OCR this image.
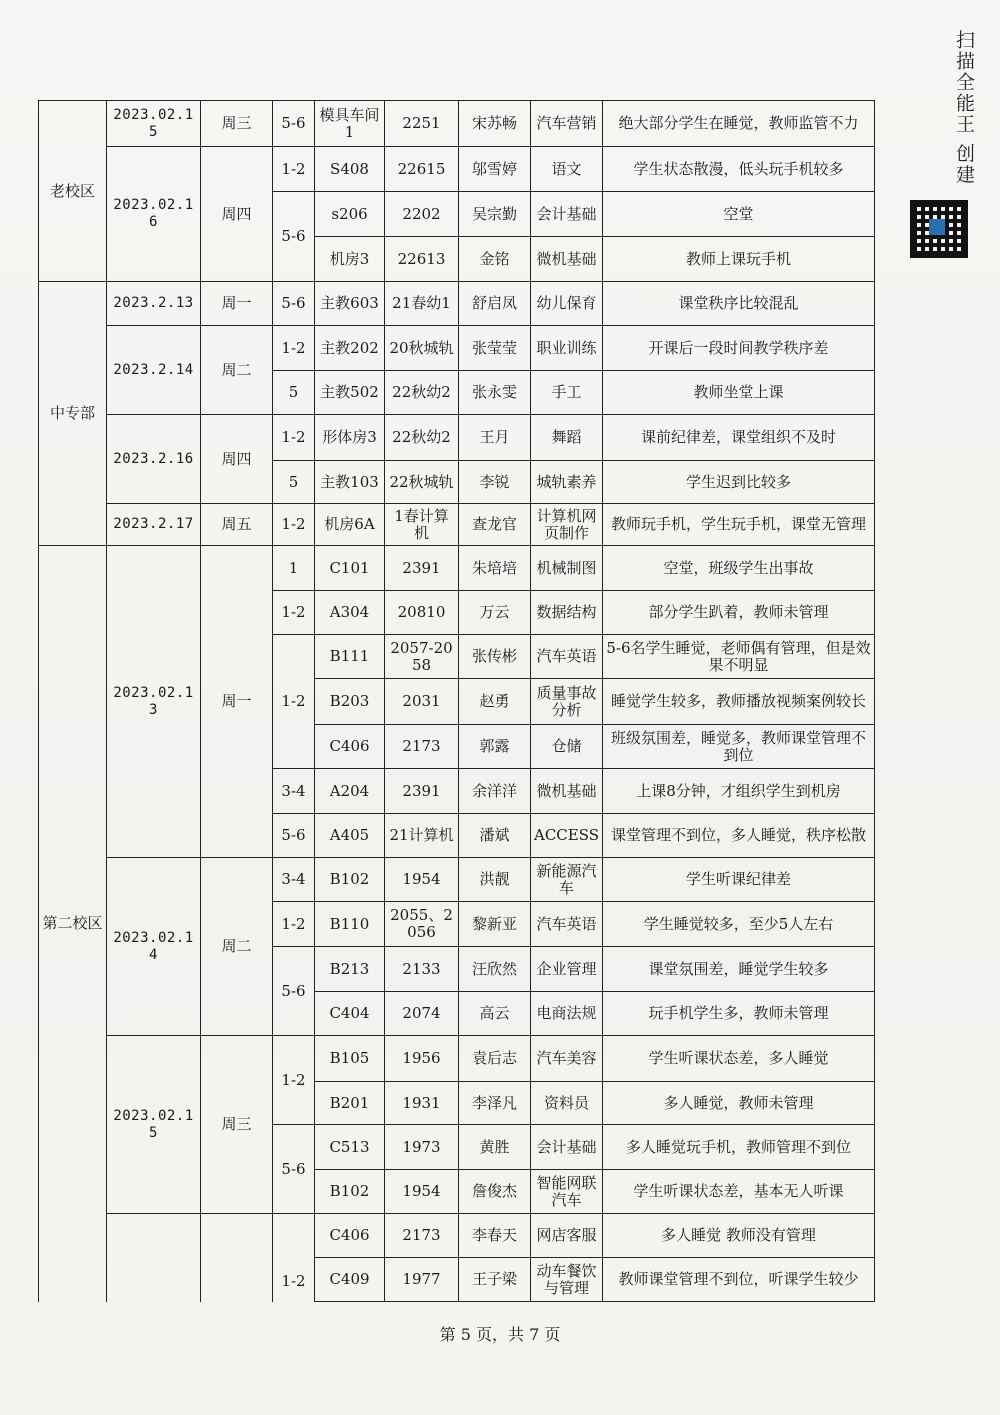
扫描全能王 创建
老校区	2023.02.15	周三	5-6	模具车间1	2251	宋苏畅	汽车营销	绝大部分学生在睡觉，教师监管不力
	2023.02.16	周四	1-2	S408	22615	邬雪婷	语文	学生状态散漫，低头玩手机较多
			5-6	s206	2202	吴宗勤	会计基础	空堂
				机房3	22613	金铭	微机基础	教师上课玩手机
中专部	2023.2.13	周一	5-6	主教603	21春幼1	舒启凤	幼儿保育	课堂秩序比较混乱
	2023.2.14	周二	1-2	主教202	20秋城轨	张莹莹	职业训练	开课后一段时间教学秩序差
			5	主教502	22秋幼2	张永雯	手工	教师坐堂上课
	2023.2.16	周四	1-2	形体房3	22秋幼2	王月	舞蹈	课前纪律差，课堂组织不及时
			5	主教103	22秋城轨	李锐	城轨素养	学生迟到比较多
	2023.2.17	周五	1-2	机房6A	1春计算机	查龙官	计算机网页制作	教师玩手机，学生玩手机，课堂无管理
第二校区	2023.02.13	周一	1	C101	2391	朱培培	机械制图	空堂，班级学生出事故
			1-2	A304	20810	万云	数据结构	部分学生趴着，教师未管理
			1-2	B111	2057-2058	张传彬	汽车英语	5-6名学生睡觉，老师偶有管理，但是效果不明显
				B203	2031	赵勇	质量事故分析	睡觉学生较多，教师播放视频案例较长
				C406	2173	郭露	仓储	班级氛围差，睡觉多，教师课堂管理不到位
			3-4	A204	2391	余洋洋	微机基础	上课8分钟，才组织学生到机房
			5-6	A405	21计算机	潘斌	ACCESS	课堂管理不到位，多人睡觉，秩序松散
	2023.02.14	周二	3-4	B102	1954	洪靓	新能源汽车	学生听课纪律差
			1-2	B110	2055、2056	黎新亚	汽车英语	学生睡觉较多，至少5人左右
			5-6	B213	2133	汪欣然	企业管理	课堂氛围差，睡觉学生较多
				C404	2074	高云	电商法规	玩手机学生多，教师未管理
	2023.02.15	周三	1-2	B105	1956	袁后志	汽车美容	学生听课状态差，多人睡觉
				B201	1931	李泽凡	资料员	多人睡觉，教师未管理
			5-6	C513	1973	黄胜	会计基础	多人睡觉玩手机，教师管理不到位
				B102	1954	詹俊杰	智能网联汽车	学生听课状态差，基本无人听课
			1-2	C406	2173	李春天	网店客服	多人睡觉 教师没有管理
				C409	1977	王子梁	动车餐饮与管理	教师课堂管理不到位，听课学生较少
第 5 页，共 7 页
